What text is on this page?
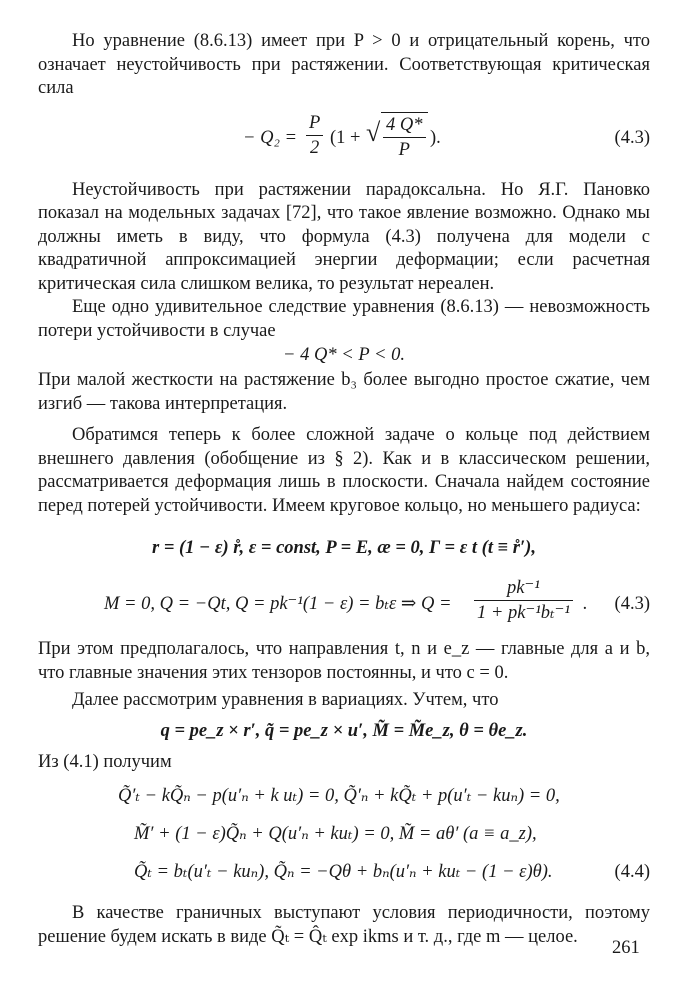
Но уравнение (8.6.13) имеет при P > 0 и отрицательный корень, что означает неустойчивость при растяжении. Соответствующая критическая сила

− $Q_2 = \frac{P}{2} (1$ + √ $\frac{4 Q*}{P}$ ).	(4.3)

Неустойчивость при растяжении парадоксальна. Но Я.Г. Пановко показал на модельных задачах [72], что такое явление возможно. Однако мы должны иметь в виду, что формула (4.3) получена для модели с квадратичной аппроксимацией энергии деформации; если расчетная критическая сила слишком велика, то результат нереален.

Еще одно удивительное следствие уравнения (8.6.13) — невозможность потери устойчивости в случае

− 4 Q* < P < 0.

При малой жесткости на растяжение b₃ более выгодно простое сжатие, чем изгиб — такова интерпретация.

Обратимся теперь к более сложной задаче о кольце под действием внешнего давления (обобщение из § 2). Как и в классическом решении, рассматривается деформация лишь в плоскости. Сначала найдем состояние перед потерей устойчивости. Имеем круговое кольцо, но меньшего радиуса:

r = (1 − ε) r̊, ε = const, P = E, æ = 0, Γ = ε t (t ≡ r̊′),
M = 0, Q = −Qt, Q = pk⁻¹(1 − ε) = bₜε ⇒ $Q = \frac{\text{pk⁻¹}}{\text{1 + pk⁻¹bₜ⁻¹}}$ . (4.3)

При этом предполагалось, что направления t, n и e_z — главные для a и b, что главные значения этих тензоров постоянны, и что c = 0.

Далее рассмотрим уравнения в вариациях. Учтем, что

q = pe_z × r′, q̃ = pe_z × u′, M̃ = M̃e_z, θ = θe_z.

Из (4.1) получим

Q̃′ₜ − kQ̃ₙ − p(u′ₙ + k uₜ) = 0, Q̃′ₙ + kQ̃ₜ + p(u′ₜ − kuₙ) = 0,
M̃′ + (1 − ε)Q̃ₙ + Q(u′ₙ + kuₜ) = 0, M̃ = aθ′ (a ≡ a_z),
Q̃ₜ = bₜ(u′ₜ − kuₙ), Q̃ₙ = −Qθ + bₙ(u′ₙ + kuₜ − (1 − ε)θ).	(4.4)

В качестве граничных выступают условия периодичности, поэтому решение будем искать в виде Q̃ₜ = Q̂ₜ exp ikms и т. д., где m — целое.

261
